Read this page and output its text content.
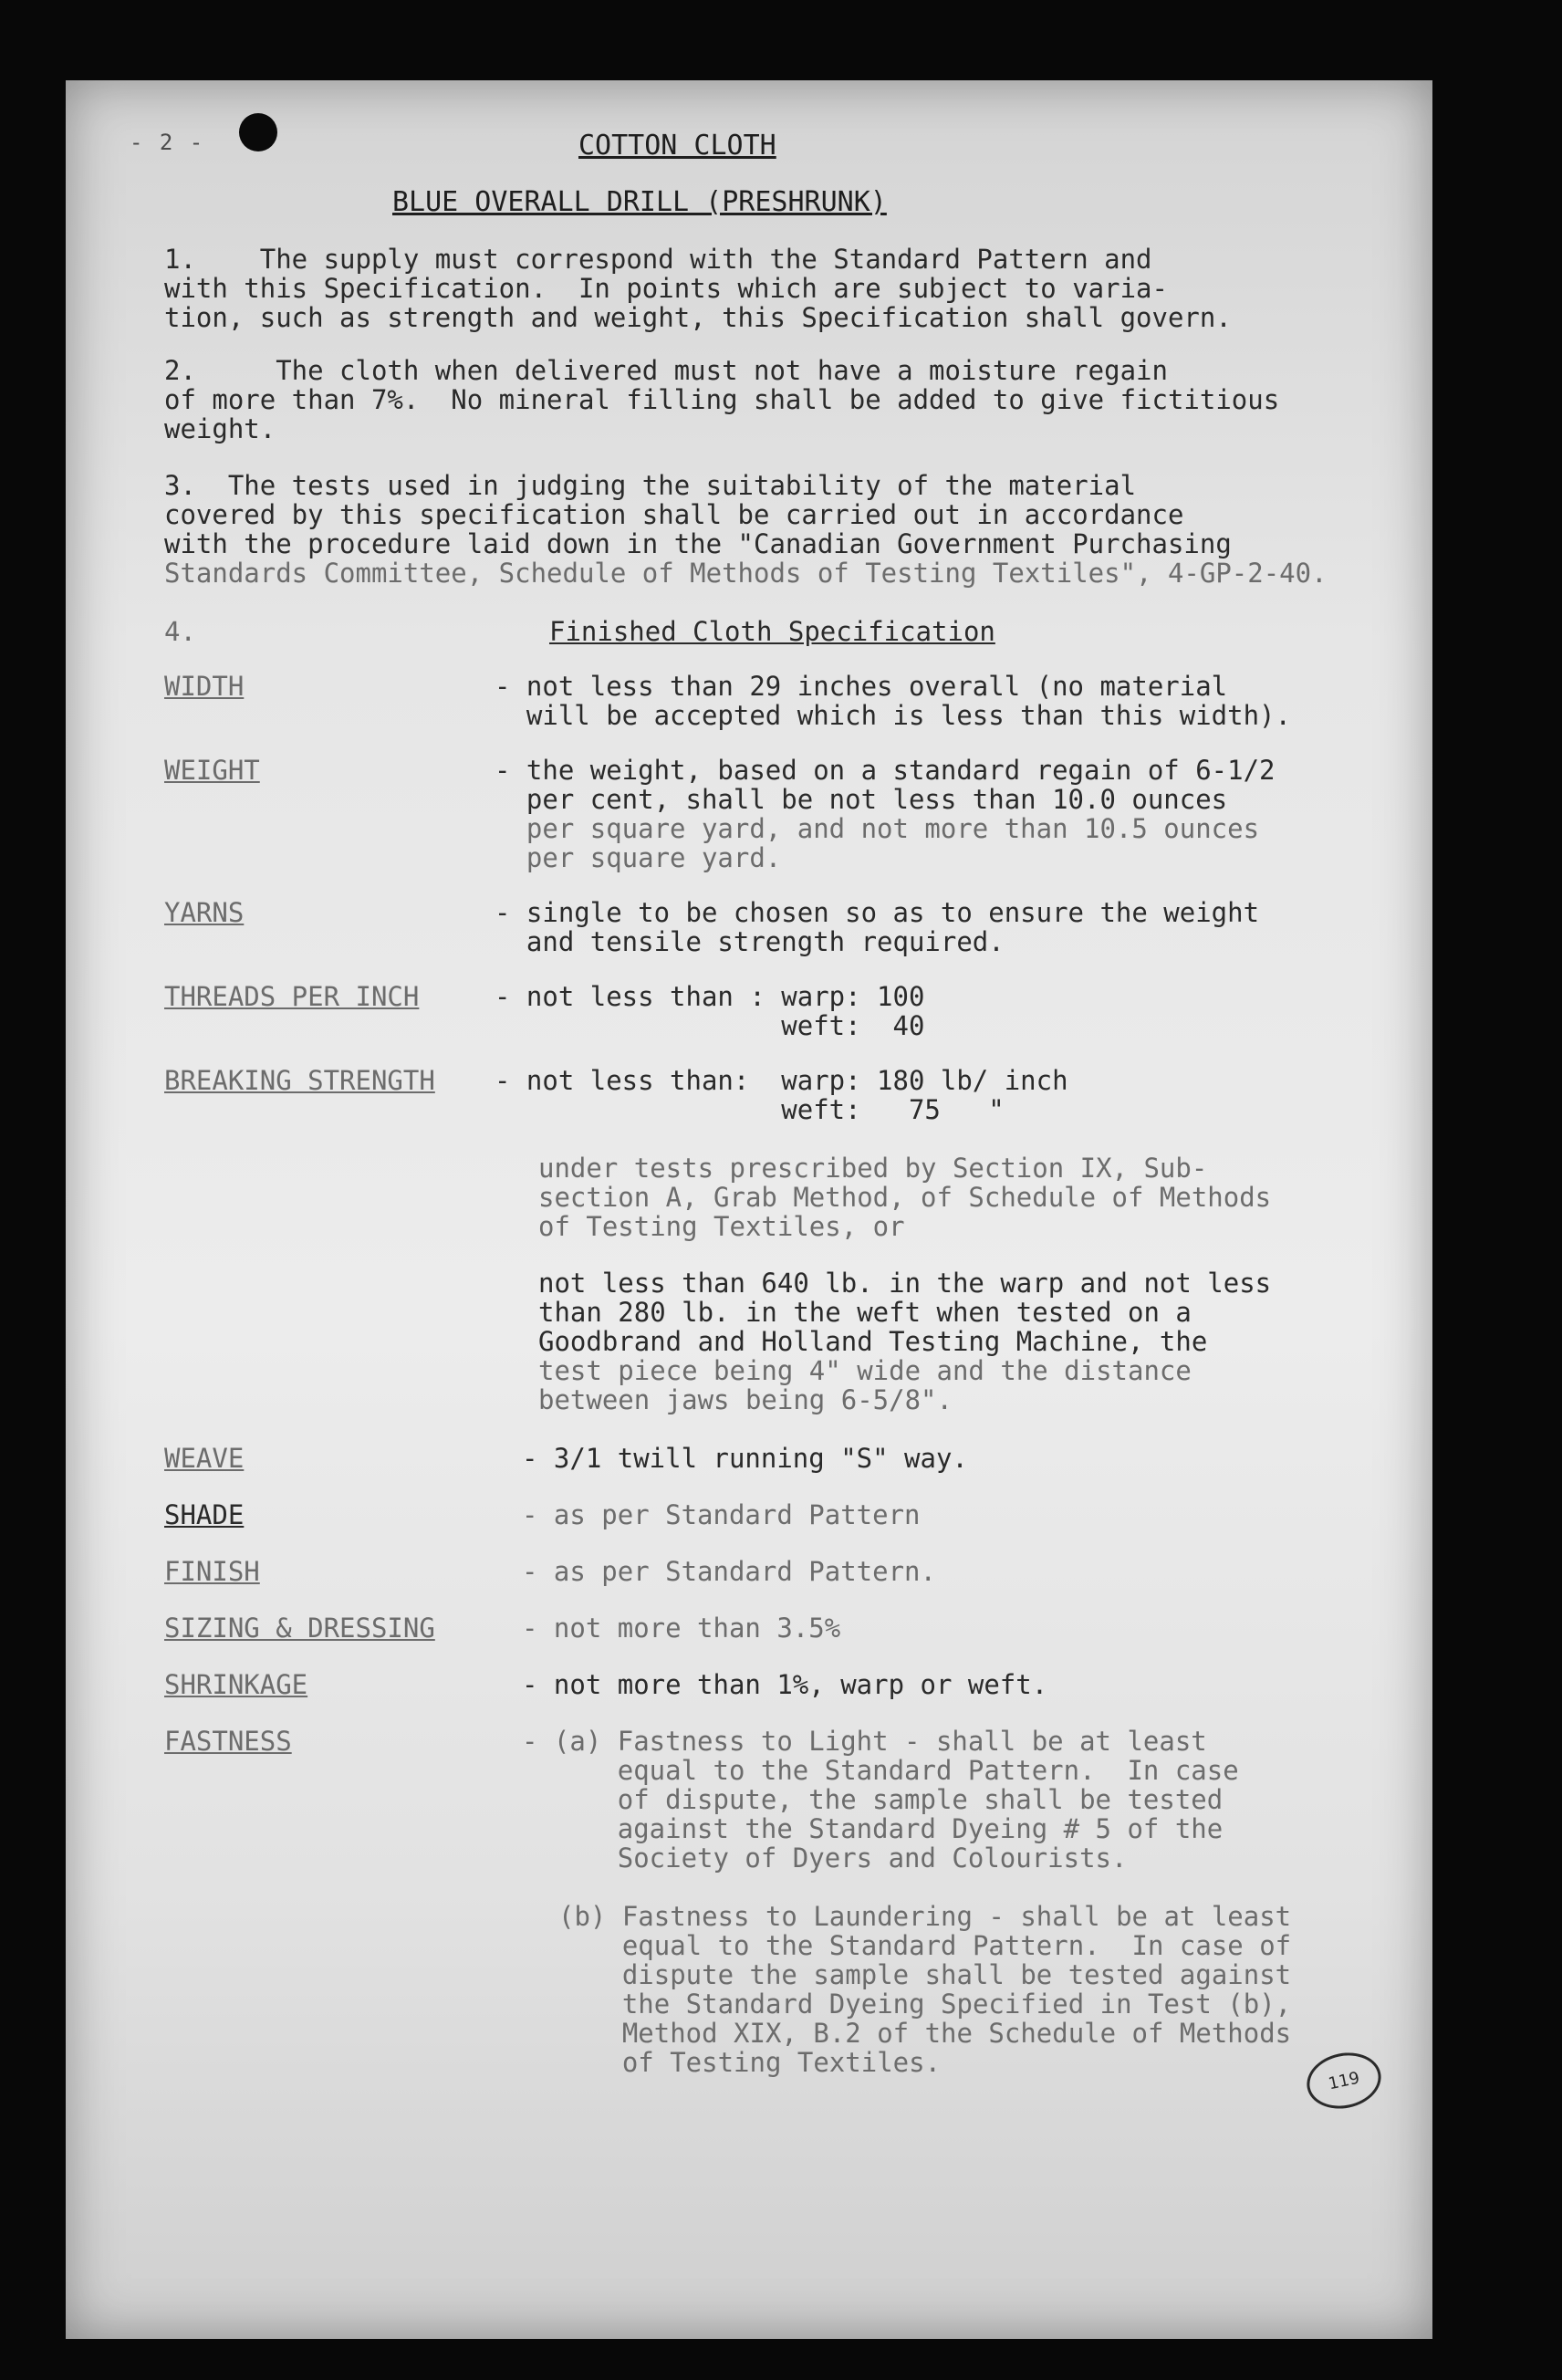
- 2 -	COTTON CLOTH
BLUE OVERALL DRILL (PRESHRUNK)
1.    The supply must correspond with the Standard Pattern and
with this Specification.  In points which are subject to varia-
tion, such as strength and weight, this Specification shall govern.
2.     The cloth when delivered must not have a moisture regain
of more than 7%.  No mineral filling shall be added to give fictitious
weight.
3.  The tests used in judging the suitability of the material
covered by this specification shall be carried out in accordance
with the procedure laid down in the "Canadian Government Purchasing
Standards Committee, Schedule of Methods of Testing Textiles", 4-GP-2-40.
4.	Finished Cloth Specification
WIDTH	- not less than 29 inches overall (no material
will be accepted which is less than this width).
WEIGHT	- the weight, based on a standard regain of 6-1/2
per cent, shall be not less than 10.0 ounces
per square yard, and not more than 10.5 ounces
per square yard.
YARNS	- single to be chosen so as to ensure the weight
and tensile strength required.
THREADS PER INCH	- not less than : warp: 100
weft:  40
BREAKING STRENGTH - not less than:  warp: 180 lb/ inch
weft:   75   "
under tests prescribed by Section IX, Sub-
section A, Grab Method, of Schedule of Methods
of Testing Textiles, or
not less than 640 lb. in the warp and not less
than 280 lb. in the weft when tested on a
Goodbrand and Holland Testing Machine, the
test piece being 4" wide and the distance
between jaws being 6-5/8".
WEAVE	- 3/1 twill running "S" way.
SHADE	- as per Standard Pattern
FINISH	- as per Standard Pattern.
SIZING & DRESSING	- not more than 3.5%
SHRINKAGE	- not more than 1%, warp or weft.
FASTNESS	- (a) Fastness to Light - shall be at least
equal to the Standard Pattern.  In case
of dispute, the sample shall be tested
against the Standard Dyeing # 5 of the
Society of Dyers and Colourists.
(b) Fastness to Laundering - shall be at least
equal to the Standard Pattern.  In case of
dispute the sample shall be tested against
the Standard Dyeing Specified in Test (b),
Method XIX, B.2 of the Schedule of Methods
of Testing Textiles.
119
